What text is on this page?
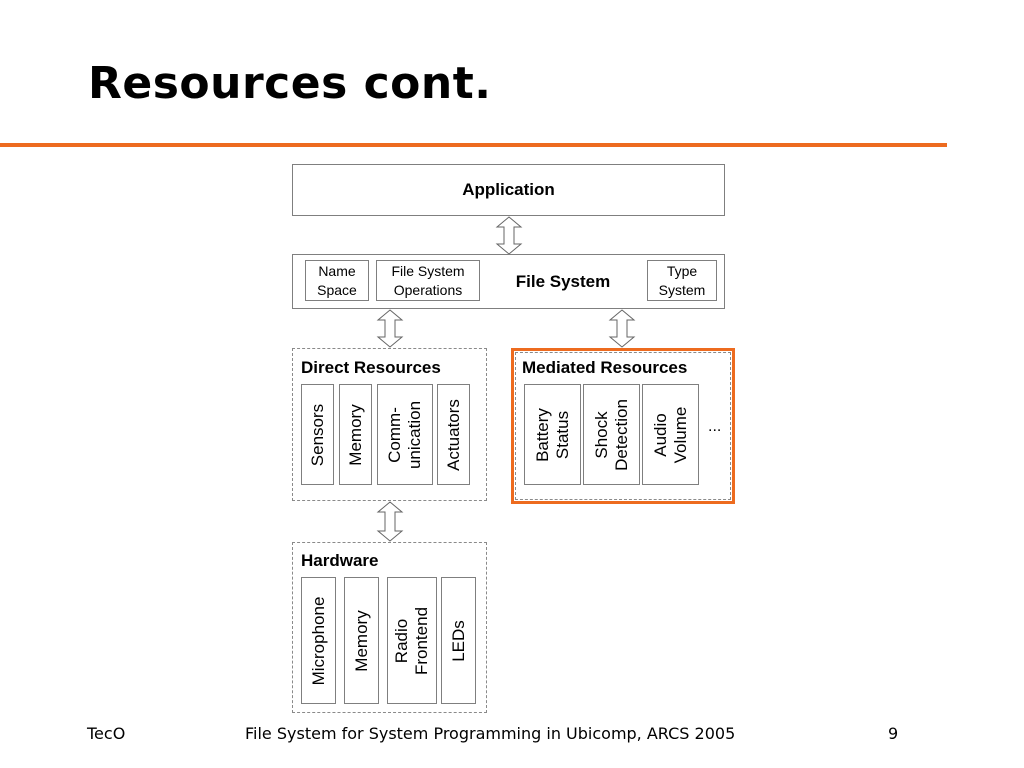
Resources cont.
Application
Name
Space
File System
Operations	File System
Type
System
Direct Resources
Sensors Memory Comm- unication Actuators
Mediated Resources
Battery Status Shock Detection Audio Volume ...
Hardware
Microphone Memory Radio Frontend LEDs
TecO	File System for System Programming in Ubicomp, ARCS 2005	9
